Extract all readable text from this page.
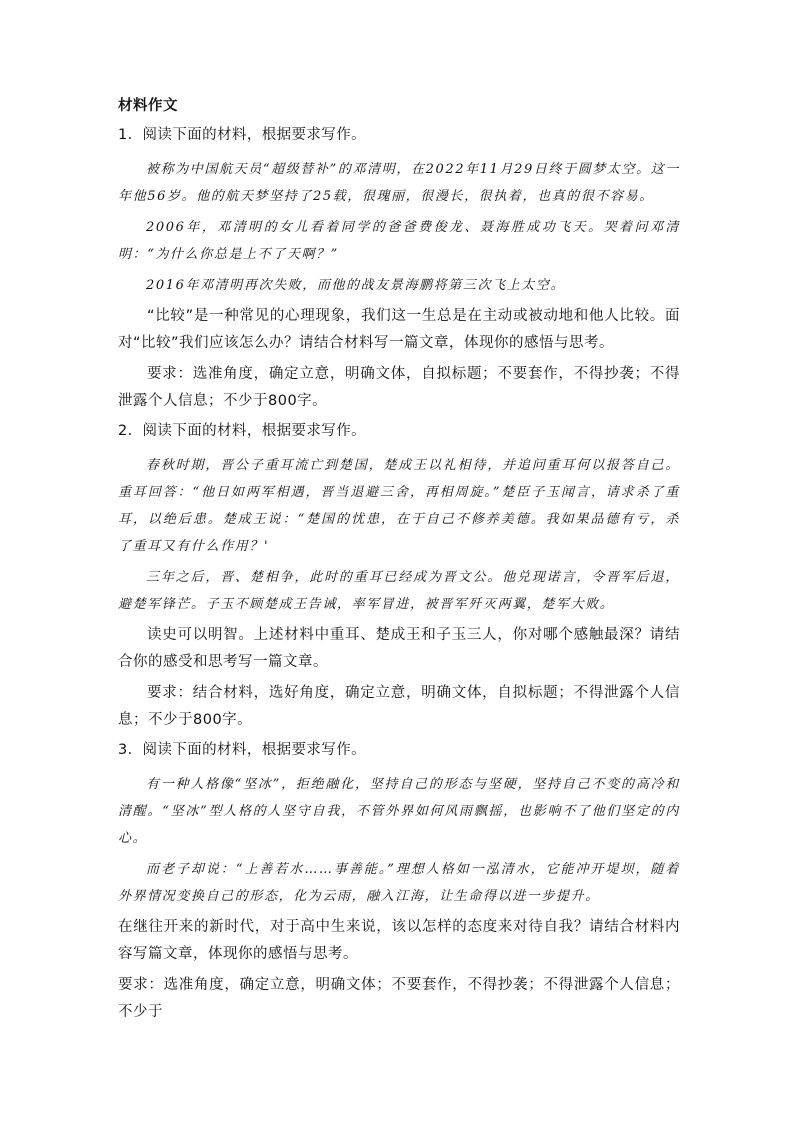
材料作文
1．阅读下面的材料，根据要求写作。

被称为中国航天员“超级替补”的邓清明，在2022年11月29日终于圆梦太空。这一年他56岁。他的航天梦坚持了25载，很瑰丽，很漫长，很执着，也真的很不容易。

2006年，邓清明的女儿看着同学的爸爸费俊龙、聂海胜成功飞天。哭着问邓清明：“为什么你总是上不了天啊？”

2016年邓清明再次失败，而他的战友景海鹏将第三次飞上太空。

“比较”是一种常见的心理现象，我们这一生总是在主动或被动地和他人比较。面对“比较”我们应该怎么办？请结合材料写一篇文章，体现你的感悟与思考。

要求：选准角度，确定立意，明确文体，自拟标题；不要套作，不得抄袭；不得泄露个人信息；不少于800字。

2．阅读下面的材料，根据要求写作。

春秋时期，晋公子重耳流亡到楚国，楚成王以礼相待，并追问重耳何以报答自己。重耳回答：“他日如两军相遇，晋当退避三舍，再相周旋。”楚臣子玉闻言，请求杀了重耳，以绝后患。楚成王说：“楚国的忧患，在于自己不修养美德。我如果品德有亏，杀了重耳又有什么作用？'

三年之后，晋、楚相争，此时的重耳已经成为晋文公。他兑现诺言，令晋军后退，避楚军锋芒。子玉不顾楚成王告诫，率军冒进，被晋军歼灭两翼，楚军大败。

读史可以明智。上述材料中重耳、楚成王和子玉三人，你对哪个感触最深？请结合你的感受和思考写一篇文章。

要求：结合材料，选好角度，确定立意，明确文体，自拟标题；不得泄露个人信息；不少于800字。

3．阅读下面的材料，根据要求写作。

有一种人格像“坚冰”，拒绝融化，坚持自己的形态与坚硬，坚持自己不变的高冷和清醒。“坚冰”型人格的人坚守自我，不管外界如何风雨飘摇，也影响不了他们坚定的内心。

而老子却说：“上善若水……事善能。”理想人格如一泓清水，它能冲开堤坝，随着外界情况变换自己的形态，化为云雨，融入江海，让生命得以进一步提升。

在继往开来的新时代，对于高中生来说，该以怎样的态度来对待自我？请结合材料内容写篇文章，体现你的感悟与思考。

要求：选准角度，确定立意，明确文体；不要套作，不得抄袭；不得泄露个人信息；不少于
